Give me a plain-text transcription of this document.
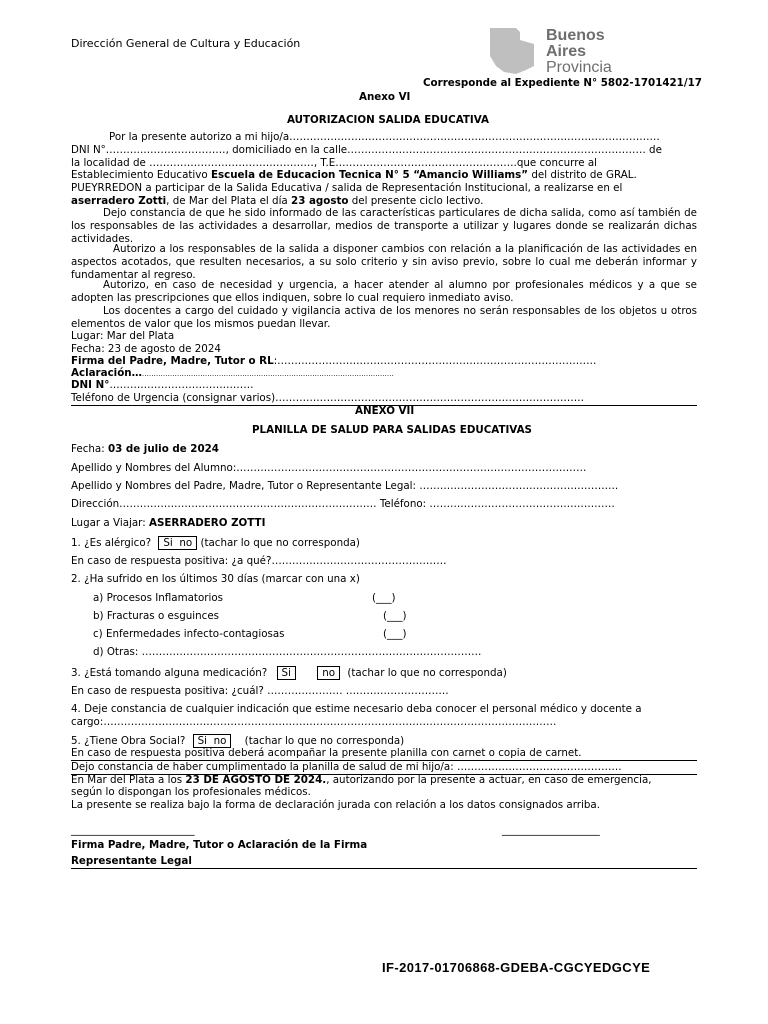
Dirección General de Cultura y Educación	Buenos
Aires
Provincia
Corresponde al Expediente N° 5802-1701421/17
Anexo VI
AUTORIZACION SALIDA EDUCATIVA
Por la presente autorizo a mi hijo/a………………………………………………………………………………………………
DNI N°………..……………………, domiciliado en la calle…………………………………………………………………………… de
la localidad de …………………………………………, T.E…………………………………….……….que concurre al
Establecimiento Educativo Escuela de Educacion Tecnica N° 5 “Amancio Williams” del distrito de GRAL.
PUEYRREDON a participar de la Salida Educativa / salida de Representación Institucional, a realizarse en el
aserradero Zotti, de Mar del Plata el día 23 agosto del presente ciclo lectivo.
Dejo constancia de que he sido informado de las características particulares de dicha salida, como así también de los responsables de las actividades a desarrollar, medios de transporte a utilizar y lugares donde se realizarán dichas actividades.
Autorizo a los responsables de la salida a disponer cambios con relación a la planificación de las actividades en aspectos acotados, que resulten necesarios, a su solo criterio y sin aviso previo, sobre lo cual me deberán informar y fundamentar al regreso.
Autorizo, en caso de necesidad y urgencia, a hacer atender al alumno por profesionales médicos y a que se adopten las prescripciones que ellos indiquen, sobre lo cual requiero inmediato aviso.
Los docentes a cargo del cuidado y vigilancia activa de los menores no serán responsables de los objetos u otros elementos de valor que los mismos puedan llevar.
Lugar: Mar del Plata
Fecha: 23 de agosto de 2024
Firma del Padre, Madre, Tutor o RL:…………………………………………………………………………………
Aclaración…………………………………………………………………………………………………
DNI N°……………………………………
Teléfono de Urgencia (consignar varios)………………………………………………………………………………
ANEXO VII
PLANILLA DE SALUD PARA SALIDAS EDUCATIVAS
Fecha: 03 de julio de 2024
Apellido y Nombres del Alumno:…………………………………………………………………………………………
Apellido y Nombres del Padre, Madre, Tutor o Representante Legal: ………………………………………………….
Dirección………………………………………………………………… Teléfono: ………………………………………………
Lugar a Viajar: ASERRADERO ZOTTI
1. ¿Es alérgico? Si no (tachar lo que no corresponda)
En caso de respuesta positiva: ¿a qué?……………………………………………
2. ¿Ha sufrido en los últimos 30 días (marcar con una x)
a) Procesos Inflamatorios	(___)
b) Fracturas o esguinces	(___)
c) Enfermedades infecto-contagiosas	(___)
d) Otras: ………………………………………………………………………………………
3. ¿Está tomando alguna medicación? Si	no (tachar lo que no corresponda)
En caso de respuesta positiva: ¿cuál? …………………. …………………………
4. Deje constancia de cualquier indicación que estime necesario deba conocer el personal médico y docente a
cargo:……………………………………………………………………………………………………………………
5. ¿Tiene Obra Social? Si no (tachar lo que no corresponda)
En caso de respuesta positiva deberá acompañar la presente planilla con carnet o copia de carnet.
Dejo constancia de haber cumplimentado la planilla de salud de mi hijo/a: …………………………………………
En Mar del Plata a los 23 DE AGOSTO DE 2024., autorizando por la presente a actuar, en caso de emergencia,
según lo dispongan los profesionales médicos.
La presente se realiza bajo la forma de declaración jurada con relación a los datos consignados arriba.
________________________	___________________
Firma Padre, Madre, Tutor o Aclaración de la Firma
Representante Legal
IF-2017-01706868-GDEBA-CGCYEDGCYE
